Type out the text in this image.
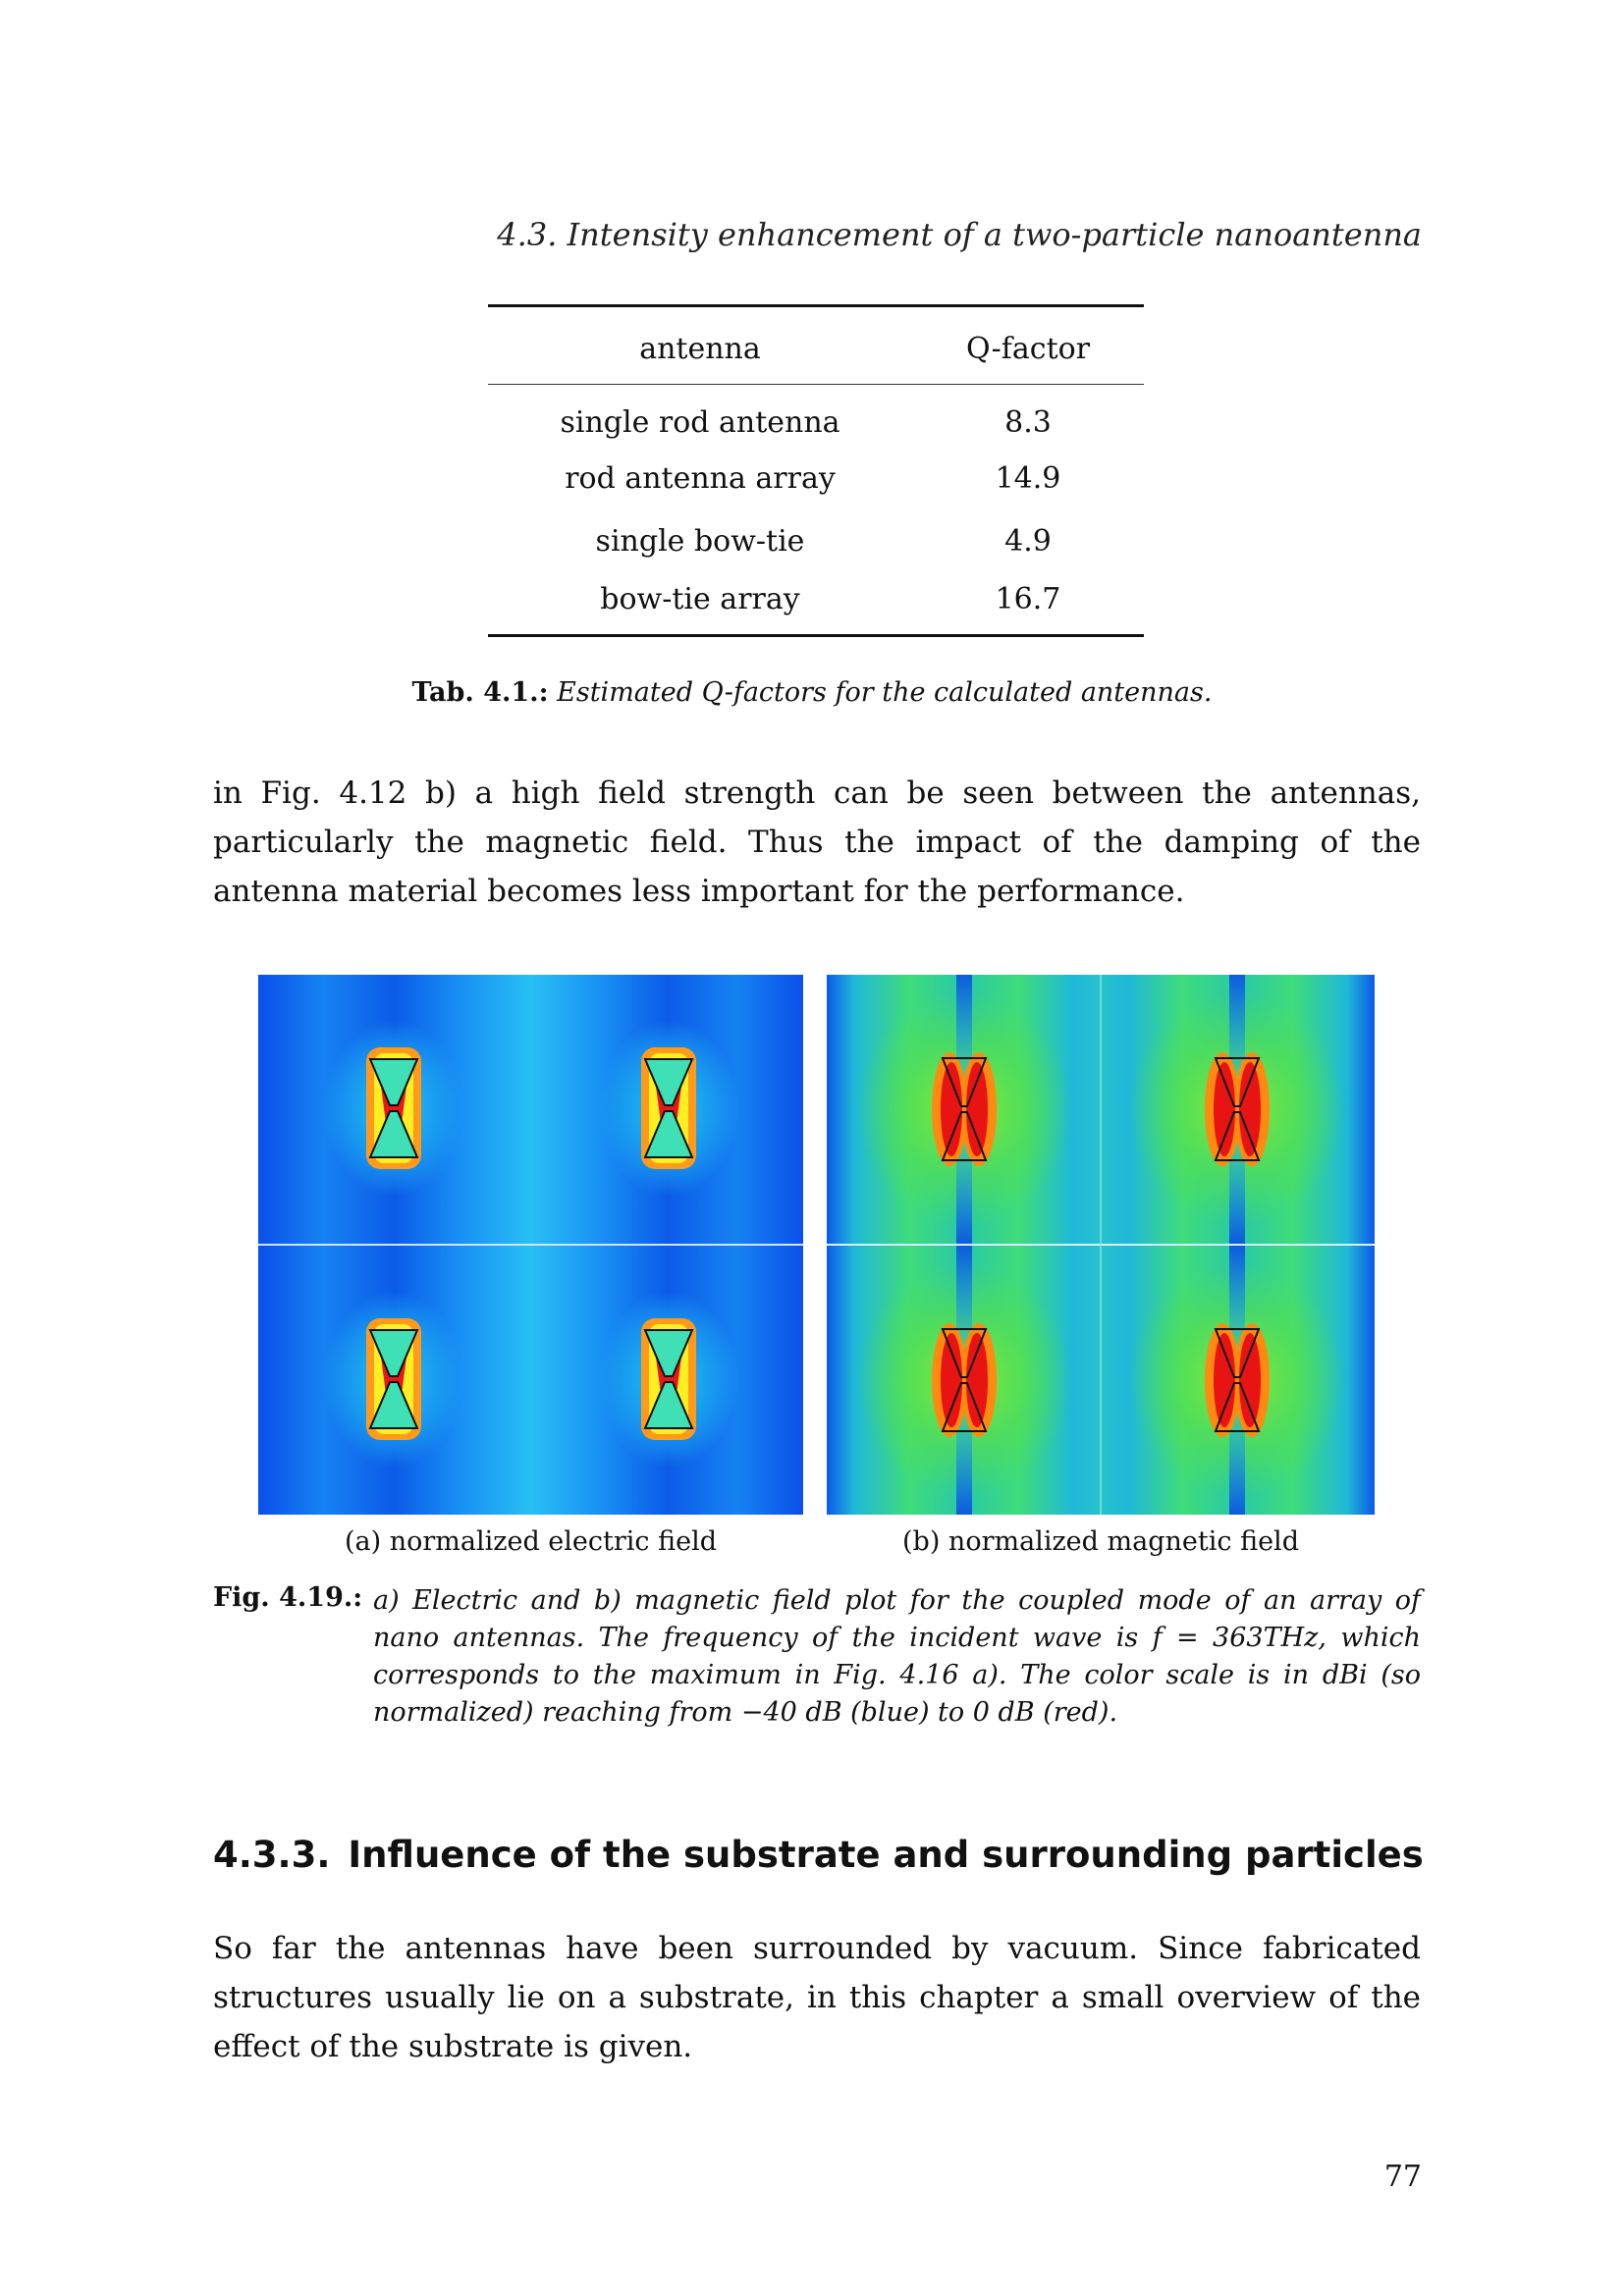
4.3. Intensity enhancement of a two-particle nanoantenna
antenna	Q-factor
single rod antenna	8.3
rod antenna array	14.9
single bow-tie	4.9
bow-tie array	16.7
Tab. 4.1.: Estimated Q-factors for the calculated antennas.
in Fig. 4.12 b) a high field strength can be seen between the antennas, particularly the magnetic field. Thus the impact of the damping of the antenna material becomes less important for the performance.
(a) normalized electric field	(b) normalized magnetic field
Fig. 4.19.: a) Electric and b) magnetic field plot for the coupled mode of an array of nano antennas. The frequency of the incident wave is f = 363THz, which corresponds to the maximum in Fig. 4.16 a). The color scale is in dBi (so normalized) reaching from −40 dB (blue) to 0 dB (red).
4.3.3. Influence of the substrate and surrounding particles
So far the antennas have been surrounded by vacuum. Since fabricated structures usually lie on a substrate, in this chapter a small overview of the effect of the substrate is given.
77
